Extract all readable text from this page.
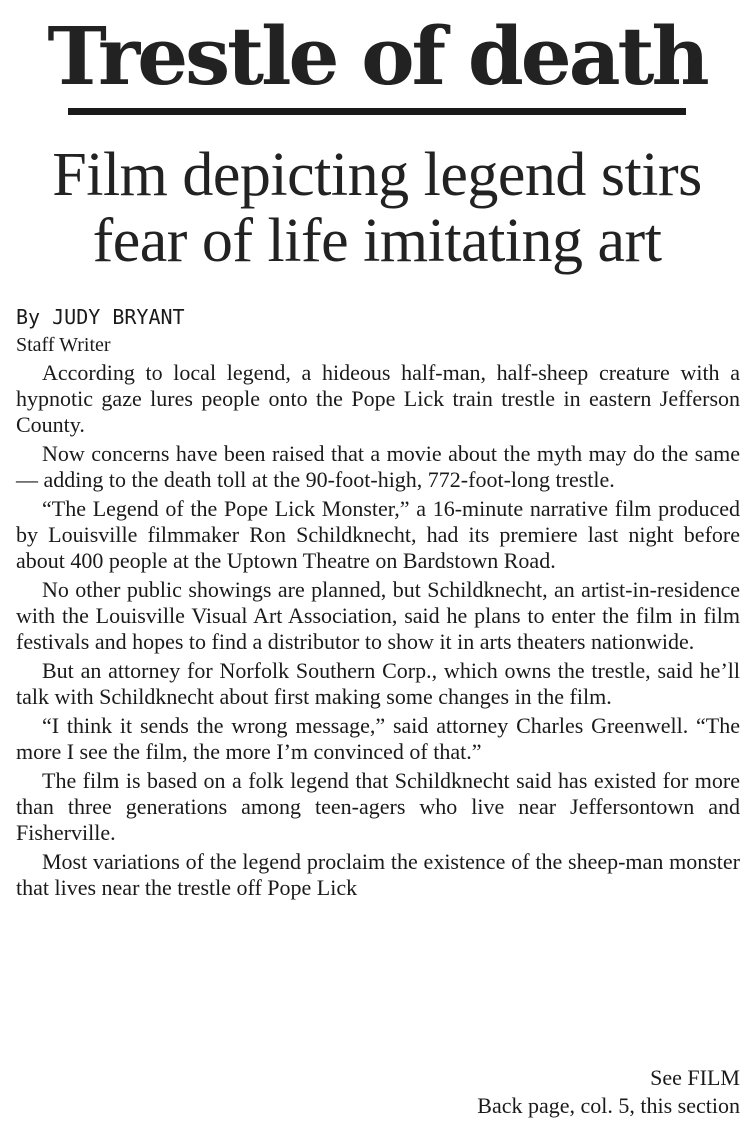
Trestle of death
Film depicting legend stirs
fear of life imitating art
By JUDY BRYANT
Staff Writer

According to local legend, a hideous half-man, half-sheep creature with a hypnotic gaze lures people onto the Pope Lick train trestle in eastern Jefferson County.

Now concerns have been raised that a movie about the myth may do the same — adding to the death toll at the 90-foot-high, 772-foot-long trestle.

“The Legend of the Pope Lick Monster,” a 16-minute narrative film produced by Louisville filmmaker Ron Schildknecht, had its premiere last night before about 400 people at the Uptown Theatre on Bardstown Road.

No other public showings are planned, but Schildknecht, an artist-in-residence with the Louisville Visual Art Association, said he plans to enter the film in film festivals and hopes to find a distributor to show it in arts theaters nationwide.

But an attorney for Norfolk Southern Corp., which owns the trestle, said he’ll talk with Schildknecht about first making some changes in the film.

“I think it sends the wrong message,” said attorney Charles Greenwell. “The more I see the film, the more I’m convinced of that.”

The film is based on a folk legend that Schildknecht said has existed for more than three generations among teen-agers who live near Jeffersontown and Fisherville.

Most variations of the legend proclaim the existence of the sheep-man monster that lives near the trestle off Pope Lick

See FILM
Back page, col. 5, this section
